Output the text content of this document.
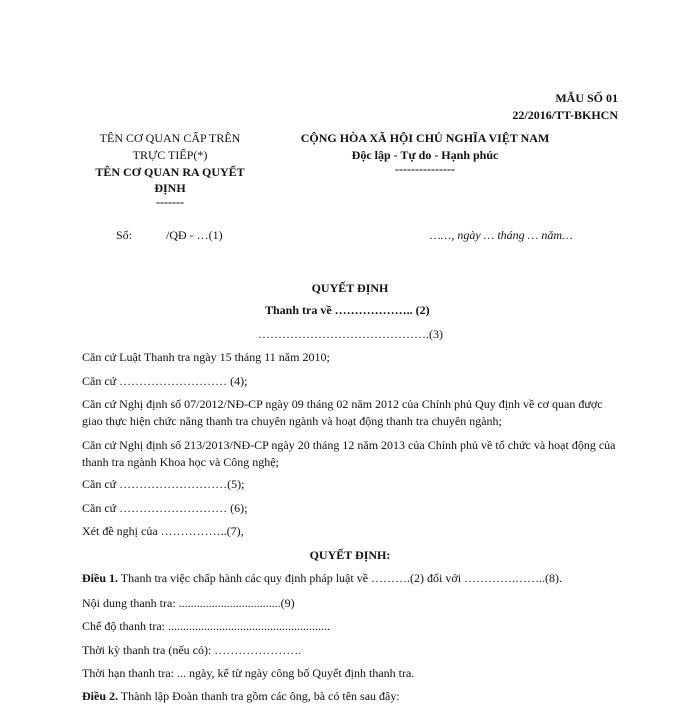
MẪU SỐ 01
22/2016/TT-BKHCN
TÊN CƠ QUAN CẤP TRÊN
TRỰC TIẾP(*)
TÊN CƠ QUAN RA QUYẾT
ĐỊNH
-------
CỘNG HÒA XÃ HỘI CHỦ NGHĨA VIỆT NAM
Độc lập - Tự do - Hạnh phúc
---------------
Số:	/QĐ - …(1)	……, ngày … tháng … năm…
QUYẾT ĐỊNH
Thanh tra về ……………….. (2)
…………………………………….(3)
Căn cứ Luật Thanh tra ngày 15 tháng 11 năm 2010;
Căn cứ ……………………… (4);
Căn cứ Nghị định số 07/2012/NĐ-CP ngày 09 tháng 02 năm 2012 của Chính phủ Quy định về cơ quan được giao thực hiện chức năng thanh tra chuyên ngành và hoạt động thanh tra chuyên ngành;
Căn cứ Nghị định số 213/2013/NĐ-CP ngày 20 tháng 12 năm 2013 của Chính phủ về tổ chức và hoạt động của thanh tra ngành Khoa học và Công nghệ;
Căn cứ ………………………(5);
Căn cứ ……………………… (6);
Xét đề nghị của ……………..(7),
QUYẾT ĐỊNH:
Điều 1. Thanh tra việc chấp hành các quy định pháp luật về ……….(2) đối với ………….……..(8).
Nội dung thanh tra: ..................................(9)
Chế độ thanh tra: ......................................................
Thời kỳ thanh tra (nếu có): ………………….
Thời hạn thanh tra: ... ngày, kể từ ngày công bố Quyết định thanh tra.
Điều 2. Thành lập Đoàn thanh tra gồm các ông, bà có tên sau đây:
